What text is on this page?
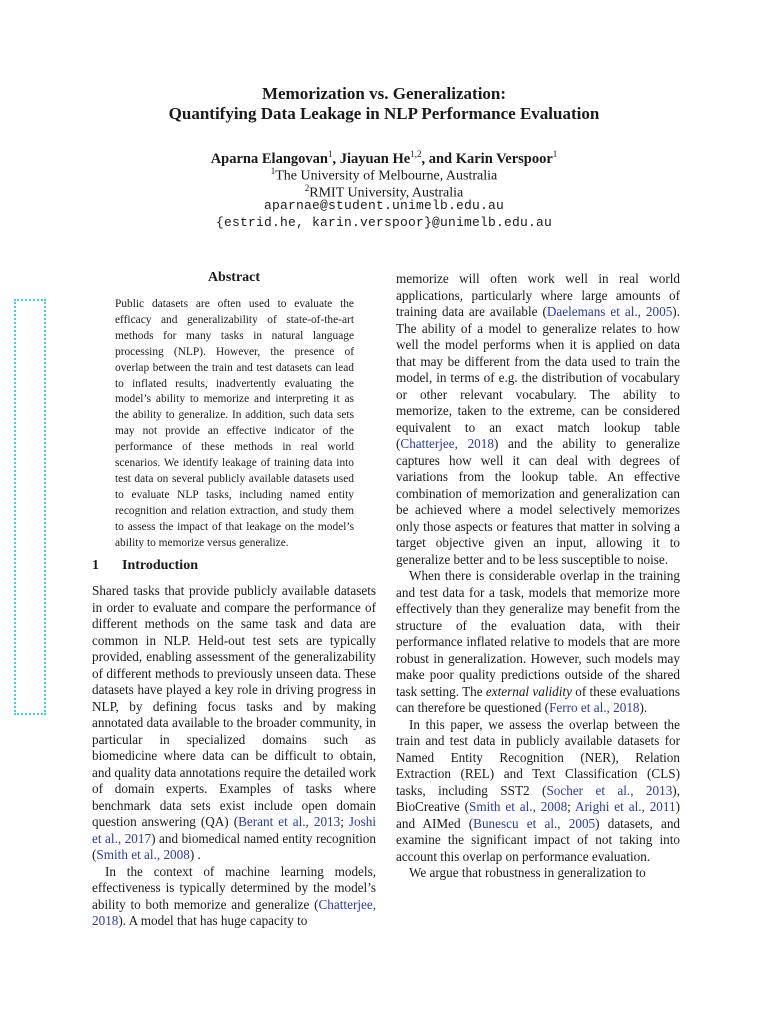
Memorization vs. Generalization:
Quantifying Data Leakage in NLP Performance Evaluation
Aparna Elangovan$^1$, Jiayuan He$^{1,2}$, and Karin Verspoor$^1$
$^1$The University of Melbourne, Australia
$^2$RMIT University, Australia
aparnae@student.unimelb.edu.au
{estrid.he, karin.verspoor}@unimelb.edu.au
Abstract
Public datasets are often used to evaluate the efficacy and generalizability of state-of-the-art methods for many tasks in natural language processing (NLP). However, the presence of overlap between the train and test datasets can lead to inflated results, inadvertently evaluating the model’s ability to memorize and interpreting it as the ability to generalize. In addition, such data sets may not provide an effective indicator of the performance of these methods in real world scenarios. We identify leakage of training data into test data on several publicly available datasets used to evaluate NLP tasks, including named entity recognition and relation extraction, and study them to assess the impact of that leakage on the model’s ability to memorize versus generalize.
1 Introduction

Shared tasks that provide publicly available datasets in order to evaluate and compare the performance of different methods on the same task and data are common in NLP. Held-out test sets are typically provided, enabling assessment of the generalizability of different methods to previously unseen data. These datasets have played a key role in driving progress in NLP, by defining focus tasks and by making annotated data available to the broader community, in particular in specialized domains such as biomedicine where data can be difficult to obtain, and quality data annotations require the detailed work of domain experts. Examples of tasks where benchmark data sets exist include open domain question answering (QA) (Berant et al., 2013; Joshi et al., 2017) and biomedical named entity recognition (Smith et al., 2008) .

In the context of machine learning models, effectiveness is typically determined by the model’s ability to both memorize and generalize (Chatterjee, 2018). A model that has huge capacity to

memorize will often work well in real world applications, particularly where large amounts of training data are available (Daelemans et al., 2005). The ability of a model to generalize relates to how well the model performs when it is applied on data that may be different from the data used to train the model, in terms of e.g. the distribution of vocabulary or other relevant vocabulary. The ability to memorize, taken to the extreme, can be considered equivalent to an exact match lookup table (Chatterjee, 2018) and the ability to generalize captures how well it can deal with degrees of variations from the lookup table. An effective combination of memorization and generalization can be achieved where a model selectively memorizes only those aspects or features that matter in solving a target objective given an input, allowing it to generalize better and to be less susceptible to noise.

When there is considerable overlap in the training and test data for a task, models that memorize more effectively than they generalize may benefit from the structure of the evaluation data, with their performance inflated relative to models that are more robust in generalization. However, such models may make poor quality predictions outside of the shared task setting. The external validity of these evaluations can therefore be questioned (Ferro et al., 2018).

In this paper, we assess the overlap between the train and test data in publicly available datasets for Named Entity Recognition (NER), Relation Extraction (REL) and Text Classification (CLS) tasks, including SST2 (Socher et al., 2013), BioCreative (Smith et al., 2008; Arighi et al., 2011) and AIMed (Bunescu et al., 2005) datasets, and examine the significant impact of not taking into account this overlap on performance evaluation.

We argue that robustness in generalization to
